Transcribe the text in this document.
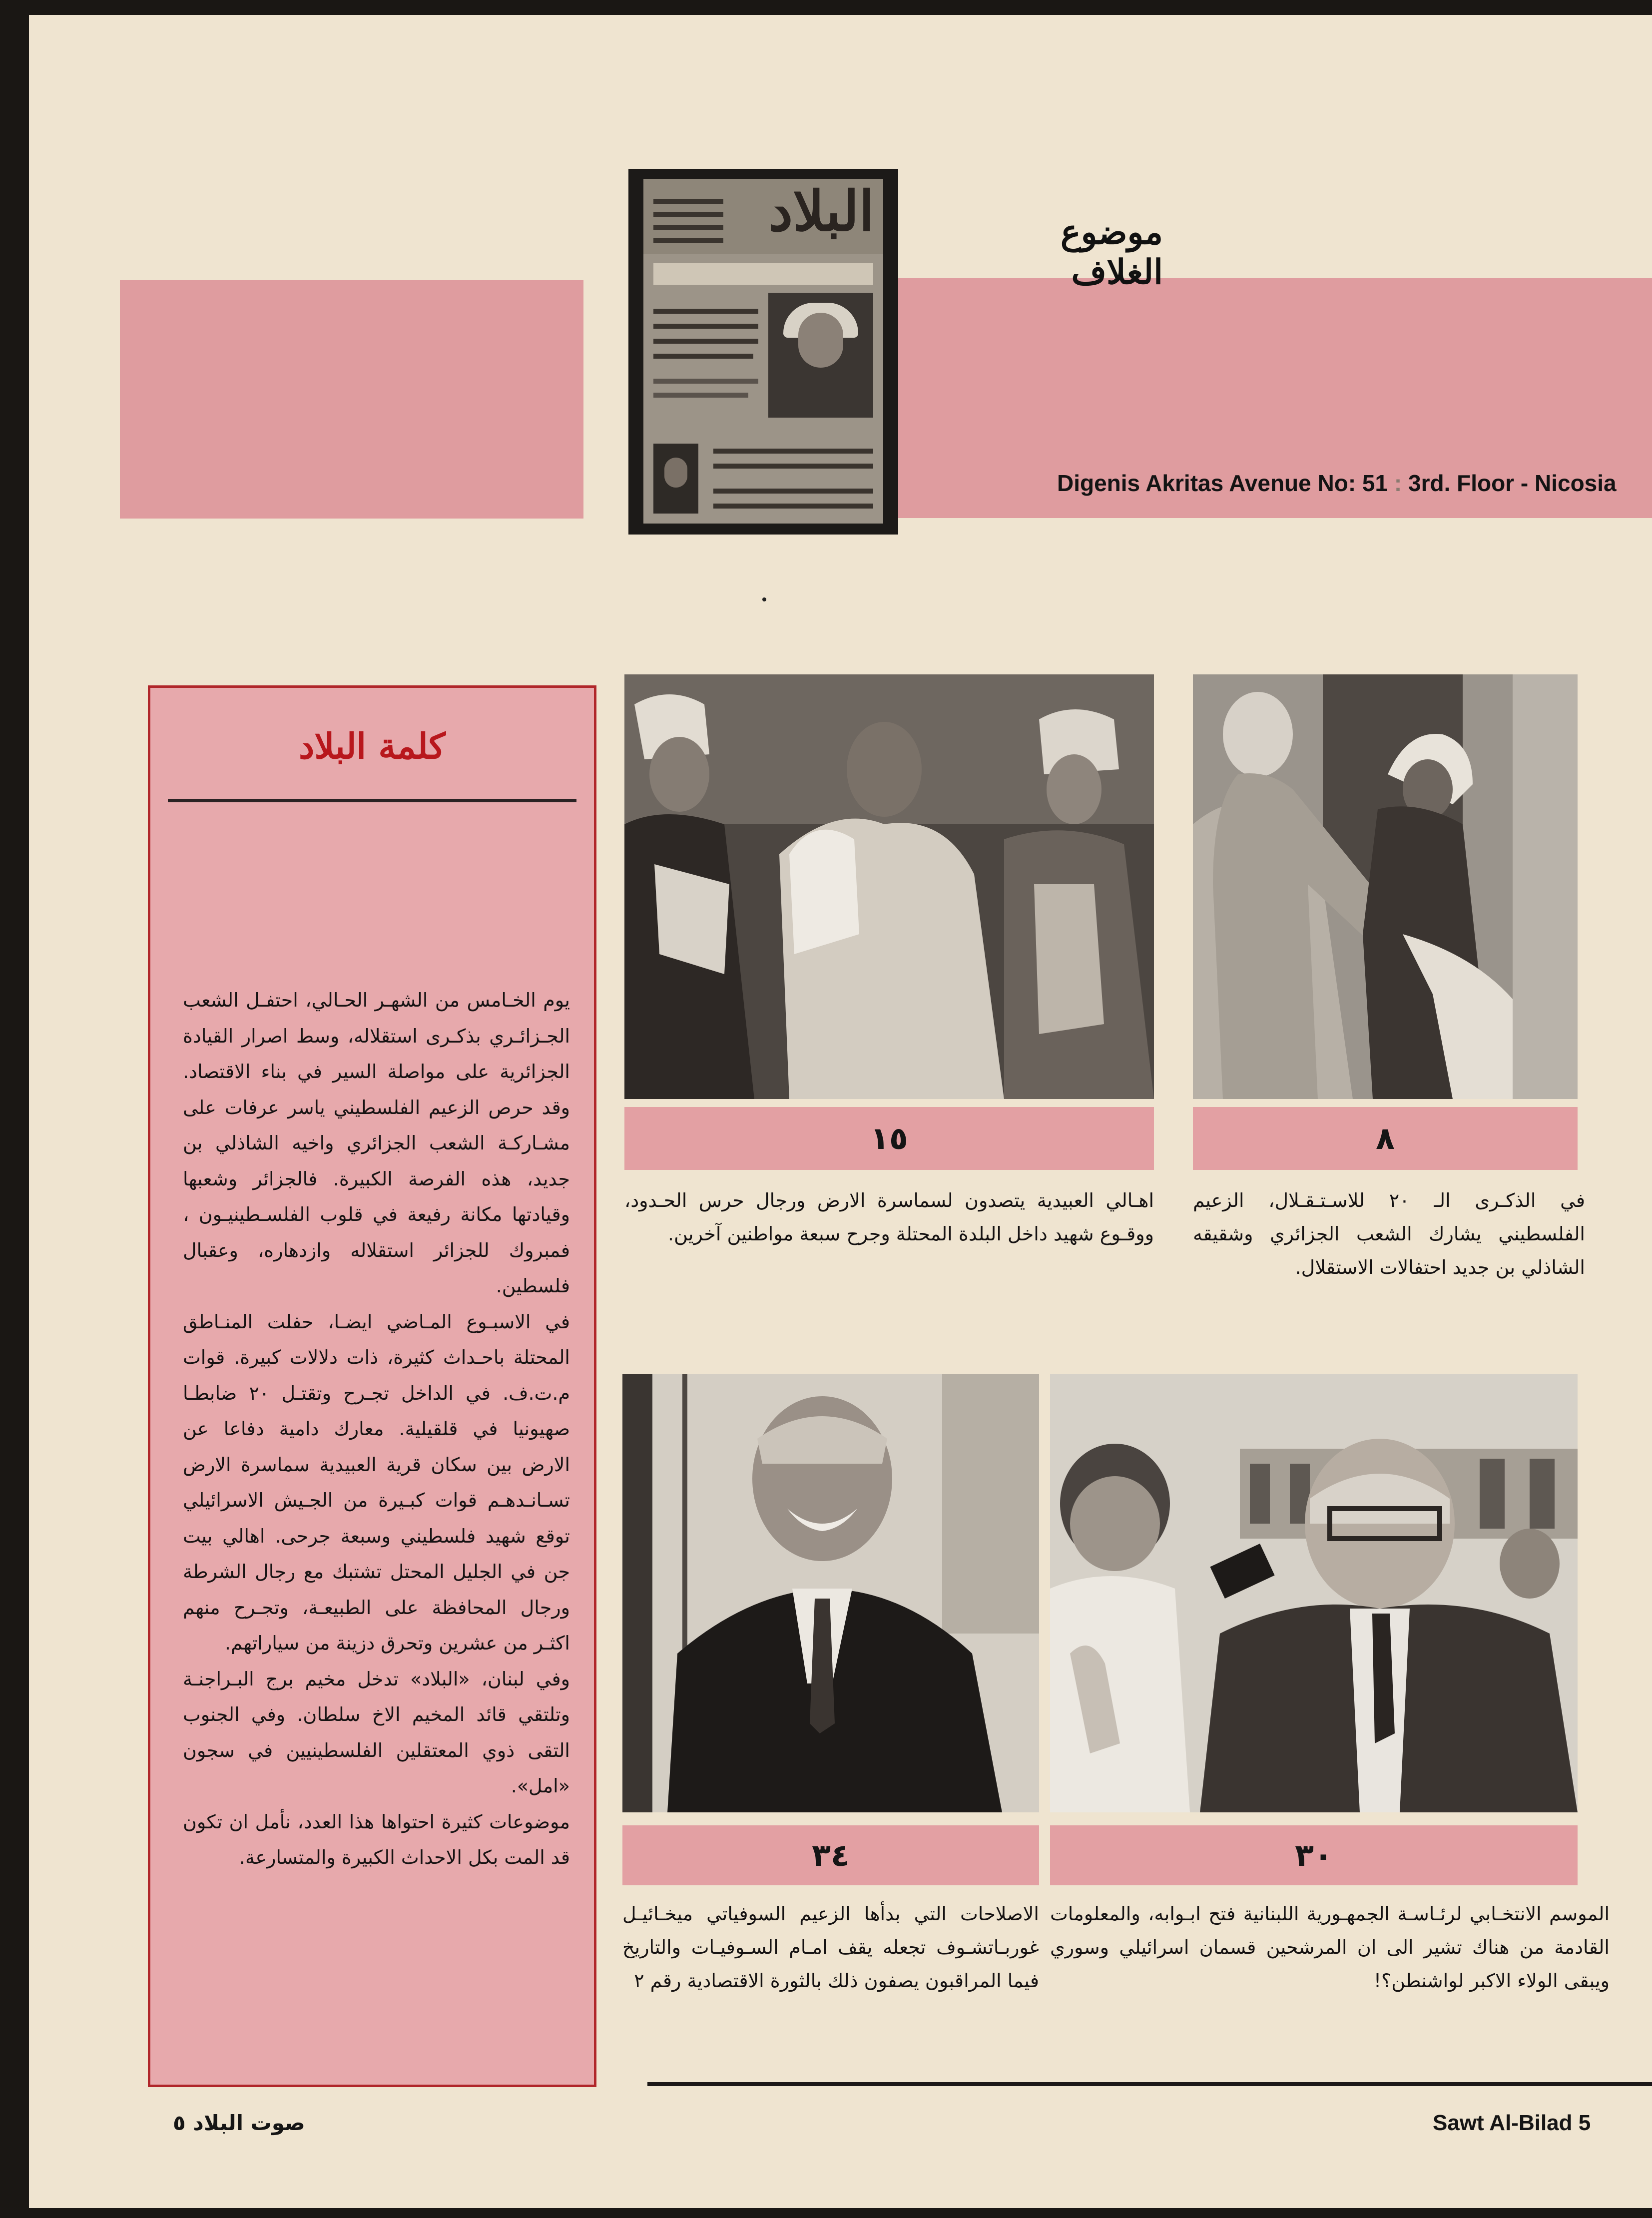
البلاد	موضوع الغلاف
Digenis Akritas Avenue No: 51 : 3rd. Floor - Nicosia
كلمة البلاد

يوم الخـامس من الشهـر الحـالي، احتفـل الشعب الجـزائـري بذكـرى استقلاله، وسط اصرار القيادة الجزائرية على مواصلة السير في بناء الاقتصاد. وقد حرص الزعيم الفلسطيني ياسر عرفات على مشـاركـة الشعب الجزائري واخيه الشاذلي بن جديد، هذه الفرصة الكبيرة. فالجزائر وشعبها وقيادتها مكانة رفيعة في قلوب الفلسـطينيـون ، فمبروك للجزائر استقلاله وازدهاره، وعقبال فلسطين.

في الاسبـوع المـاضي ايضـا، حفلت المنـاطق المحتلة باحـداث كثيرة، ذات دلالات كبيرة. قوات م.ت.ف. في الداخل تجـرح وتقتـل ٢٠ ضابطـا صهيونيا في قلقيلية. معارك دامية دفاعا عن الارض بين سكان قرية العبيدية سماسرة الارض تسـانـدهـم قوات كبـيرة من الجـيش الاسرائيلي توقع شهيد فلسطيني وسبعة جرحى. اهالي بيت جن في الجليل المحتل تشتبك مع رجال الشرطة ورجال المحافظة على الطبيعـة، وتجـرح منهم اكثـر من عشرين وتحرق دزينة من سياراتهم.

وفي لبنان، «البلاد» تدخل مخيم برج البـراجنـة وتلتقي قائد المخيم الاخ سلطان. وفي الجنوب التقى ذوي المعتقلين الفلسطينيين في سجون «امل».

موضوعات كثيرة احتواها هذا العدد، نأمل ان تكون قد المت بكل الاحداث الكبيرة والمتسارعة.

٨
في الذكـرى الـ ٢٠ للاسـتـقـلال، الزعيم الفلسطيني يشارك الشعب الجزائري وشقيقه الشاذلي بن جديد احتفالات الاستقلال.
١٥
اهـالي العبيدية يتصدون لسماسرة الارض ورجال حرس الحـدود، ووقـوع شهيد داخل البلدة المحتلة وجرح سبعة مواطنين آخرين.
٣٠
الموسم الانتخـابي لرئـاسـة الجمهـورية اللبنانية فتح ابـوابه، والمعلومات القادمة من هناك تشير الى ان المرشحين قسمان اسرائيلي وسوري ويبقى الولاء الاكبر لواشنطن؟!
٣٤
الاصلاحات التي بدأها الزعيم السوفياتي ميخـائيـل غوربـاتشـوف تجعله يقف امـام السـوفيـات والتاريخ فيما المراقبون يصفون ذلك بالثورة الاقتصادية رقم ٢
صوت البلاد ٥	Sawt Al-Bilad 5
